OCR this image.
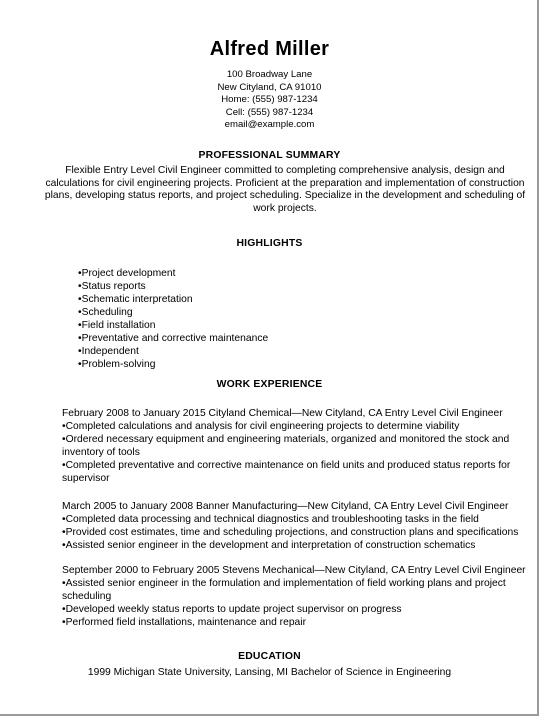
Alfred Miller
100 Broadway Lane
New Cityland, CA 91010
Home: (555) 987-1234
Cell: (555) 987-1234
email@example.com
PROFESSIONAL SUMMARY
Flexible Entry Level Civil Engineer committed to completing comprehensive analysis, design and calculations for civil engineering projects. Proficient at the preparation and implementation of construction plans, developing status reports, and project scheduling. Specialize in the development and scheduling of work projects.
HIGHLIGHTS
•Project development
•Status reports
•Schematic interpretation
•Scheduling
•Field installation
•Preventative and corrective maintenance
•Independent
•Problem-solving
WORK EXPERIENCE
February 2008 to January 2015 Cityland Chemical—New Cityland, CA Entry Level Civil Engineer
•Completed calculations and analysis for civil engineering projects to determine viability
•Ordered necessary equipment and engineering materials, organized and monitored the stock and inventory of tools
•Completed preventative and corrective maintenance on field units and produced status reports for supervisor
March 2005 to January 2008 Banner Manufacturing—New Cityland, CA Entry Level Civil Engineer
•Completed data processing and technical diagnostics and troubleshooting tasks in the field
•Provided cost estimates, time and scheduling projections, and construction plans and specifications
•Assisted senior engineer in the development and interpretation of construction schematics
September 2000 to February 2005 Stevens Mechanical—New Cityland, CA Entry Level Civil Engineer
•Assisted senior engineer in the formulation and implementation of field working plans and project scheduling
•Developed weekly status reports to update project supervisor on progress
•Performed field installations, maintenance and repair
EDUCATION
1999 Michigan State University, Lansing, MI Bachelor of Science in Engineering
